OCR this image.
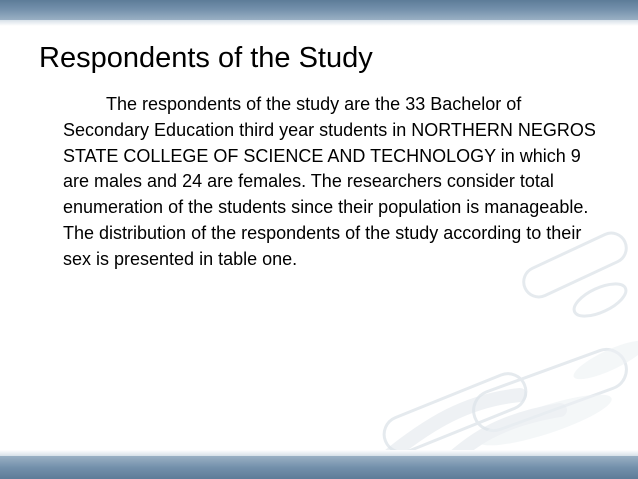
Respondents of the Study

The respondents of the study are the 33 Bachelor of Secondary Education third year students in NORTHERN NEGROS STATE COLLEGE OF SCIENCE AND TECHNOLOGY in which 9 are males and 24 are females. The researchers consider total enumeration of the students since their population is manageable. The distribution of the respondents of the study according to their sex is presented in table one.
